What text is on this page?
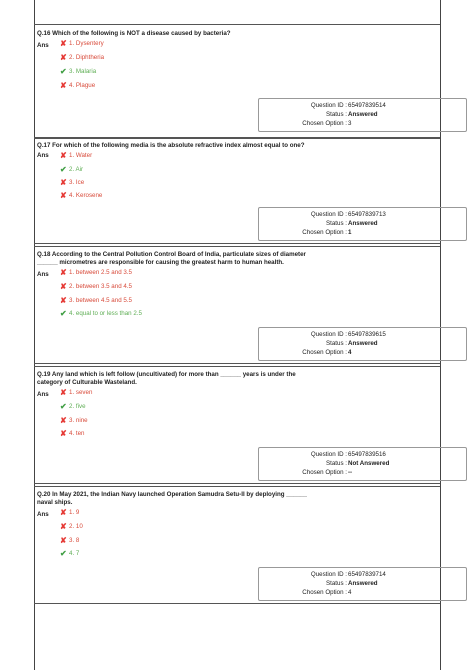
Q.16 Which of the following is NOT a disease caused by bacteria?
Ans ✘ 1. Dysentery
✘ 2. Diphtheria
✔ 3. Malaria
✘ 4. Plague
Question ID : 65497839514
Status : Answered
Chosen Option : 3
Q.17 For which of the following media is the absolute refractive index almost equal to one?
Ans ✘ 1. Water
✔ 2. Air
✘ 3. Ice
✘ 4. Kerosene
Question ID : 65497839713
Status : Answered
Chosen Option : 1
Q.18 According to the Central Pollution Control Board of India, particulate sizes of diameter
______ micrometres are responsible for causing the greatest harm to human health.
Ans ✘ 1. between 2.5 and 3.5
✘ 2. between 3.5 and 4.5
✘ 3. between 4.5 and 5.5
✔ 4. equal to or less than 2.5
Question ID : 65497839615
Status : Answered
Chosen Option : 4
Q.19 Any land which is left follow (uncultivated) for more than ______ years is under the
category of Culturable Wasteland.
Ans ✘ 1. seven
✔ 2. five
✘ 3. nine
✘ 4. ten
Question ID : 65497839516
Status : Not Answered
Chosen Option : --
Q.20 In May 2021, the Indian Navy launched Operation Samudra Setu-II by deploying ______
naval ships.
Ans ✘ 1. 9
✘ 2. 10
✘ 3. 8
✔ 4. 7
Question ID : 65497839714
Status : Answered
Chosen Option : 4
